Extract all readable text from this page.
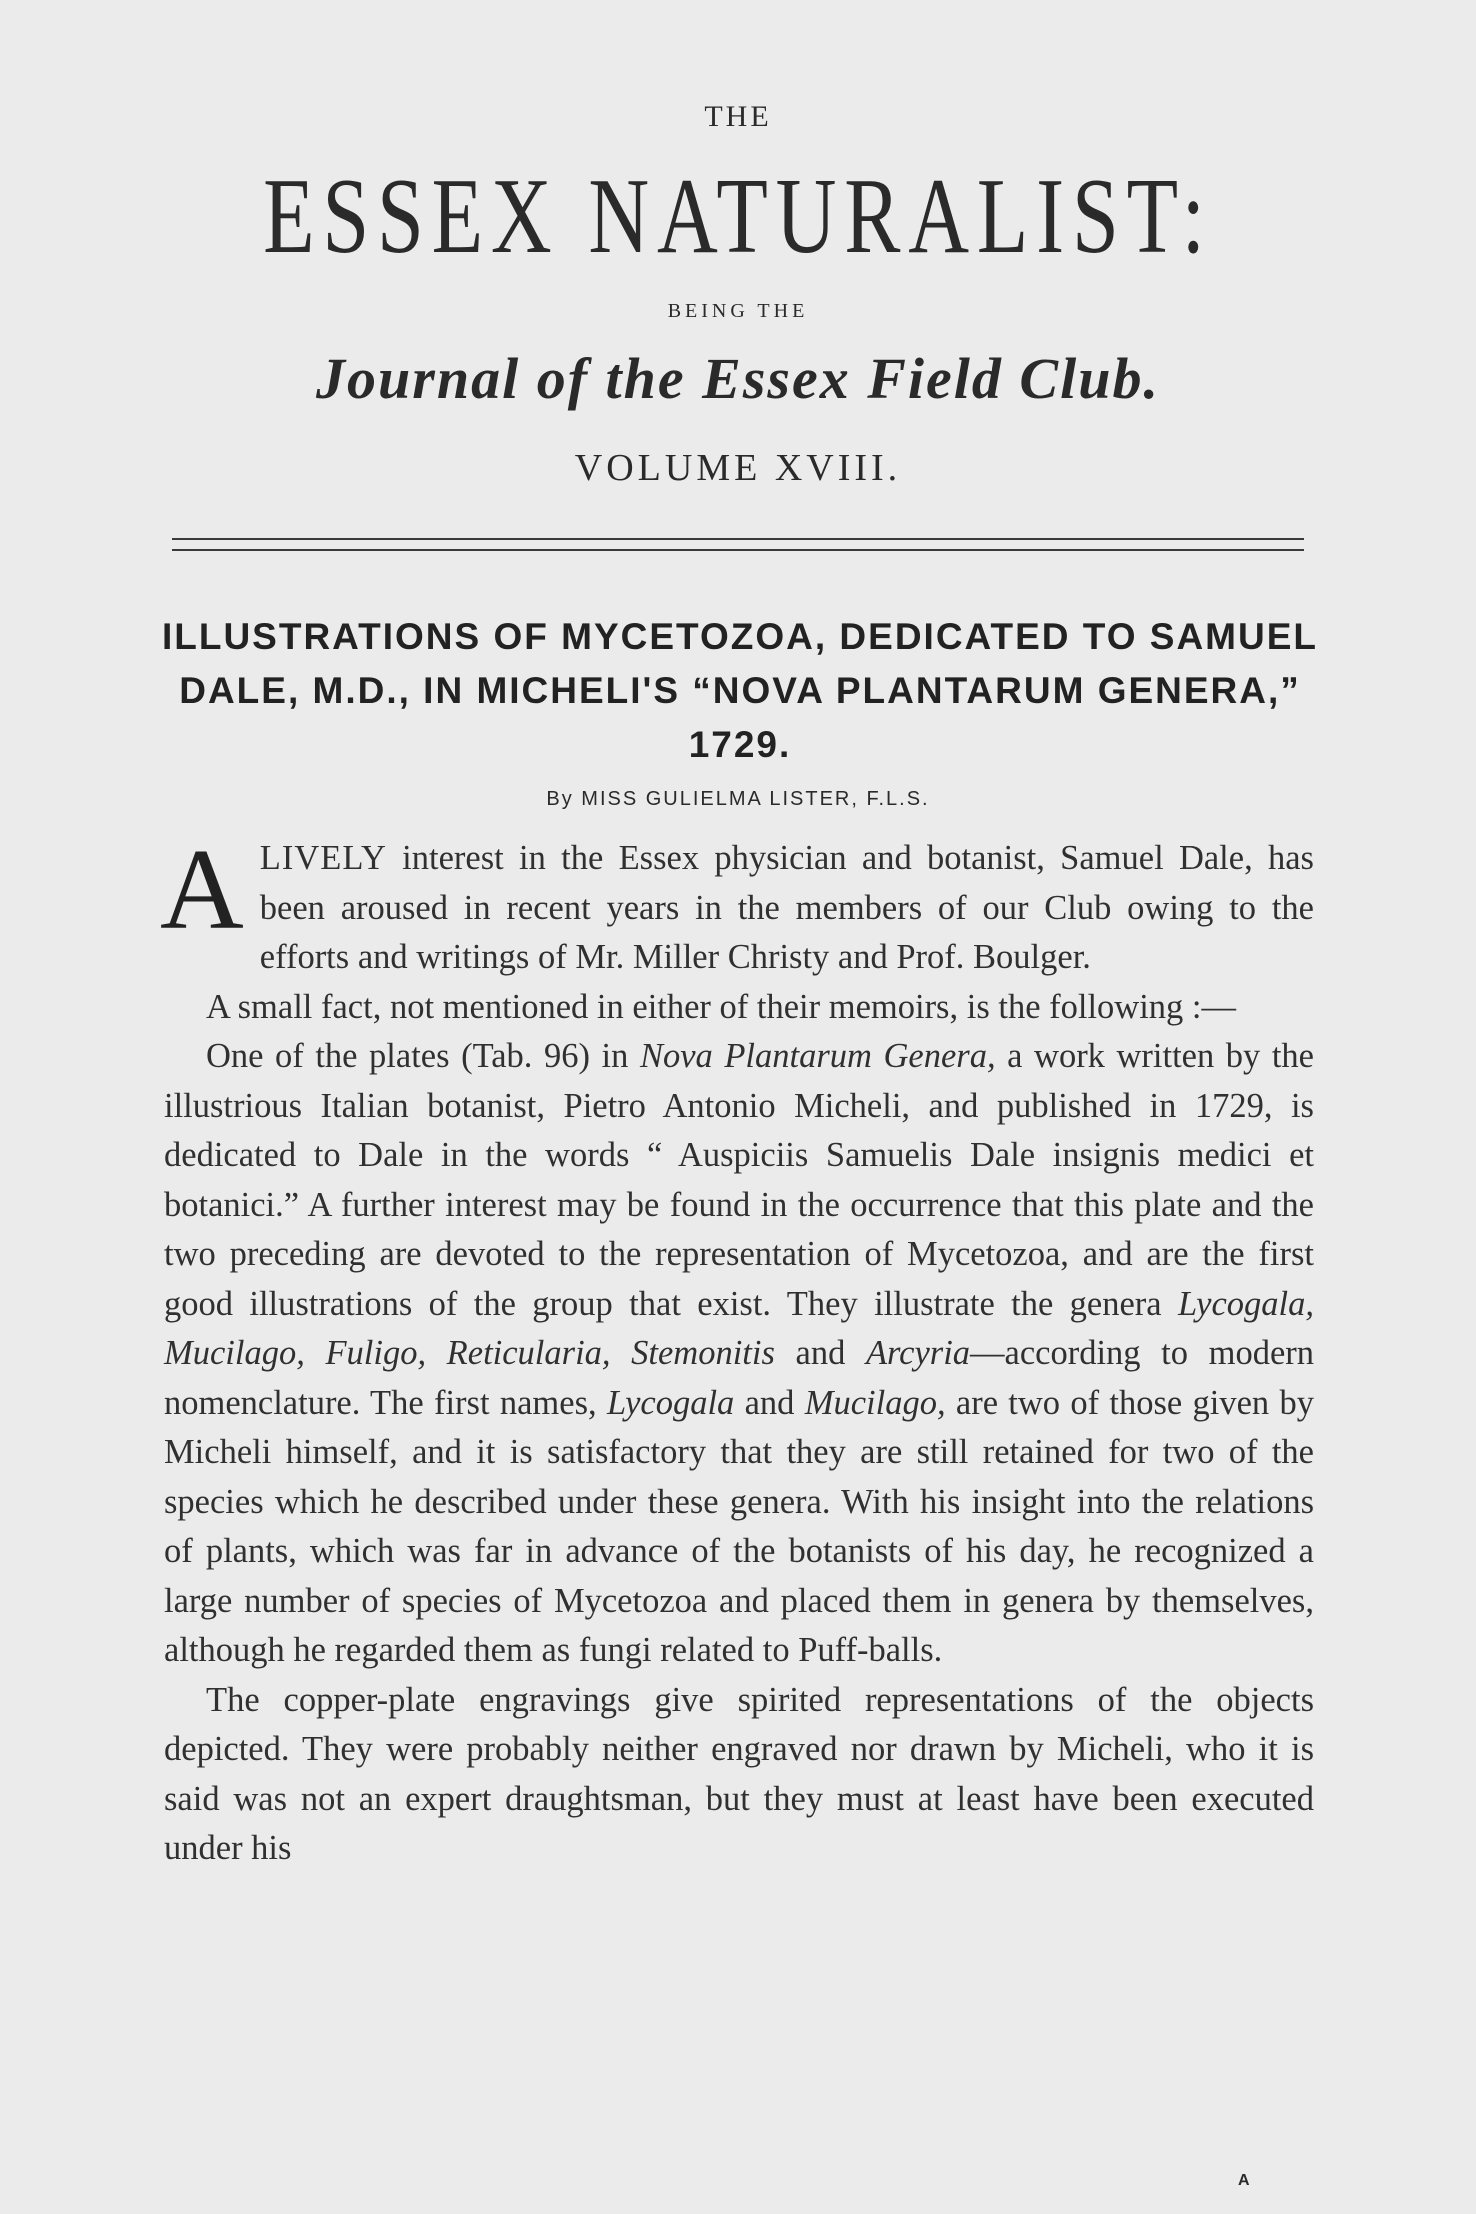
THE
ESSEX NATURALIST:
BEING THE
Journal of the Essex Field Club.
VOLUME XVIII.
ILLUSTRATIONS OF MYCETOZOA, DEDICATED TO SAMUEL DALE, M.D., IN MICHELI'S “NOVA PLANTARUM GENERA,” 1729.
By MISS GULIELMA LISTER, F.L.S.

ALIVELY interest in the Essex physician and botanist, Samuel Dale, has been aroused in recent years in the members of our Club owing to the efforts and writings of Mr. Miller Christy and Prof. Boulger.

A small fact, not mentioned in either of their memoirs, is the following :—

One of the plates (Tab. 96) in Nova Plantarum Genera, a work written by the illustrious Italian botanist, Pietro Antonio Micheli, and published in 1729, is dedicated to Dale in the words “ Auspiciis Samuelis Dale insignis medici et botanici.” A further interest may be found in the occurrence that this plate and the two preceding are devoted to the representation of Mycetozoa, and are the first good illustrations of the group that exist. They illustrate the genera Lycogala, Mucilago, Fuligo, Reticularia, Stemonitis and Arcyria—according to modern nomenclature. The first names, Lycogala and Mucilago, are two of those given by Micheli himself, and it is satisfactory that they are still retained for two of the species which he described under these genera. With his insight into the relations of plants, which was far in advance of the botanists of his day, he recognized a large number of species of Mycetozoa and placed them in genera by themselves, although he regarded them as fungi related to Puff-balls.

The copper-plate engravings give spirited representations of the objects depicted. They were probably neither engraved nor drawn by Micheli, who it is said was not an expert draughtsman, but they must at least have been executed under his

A
